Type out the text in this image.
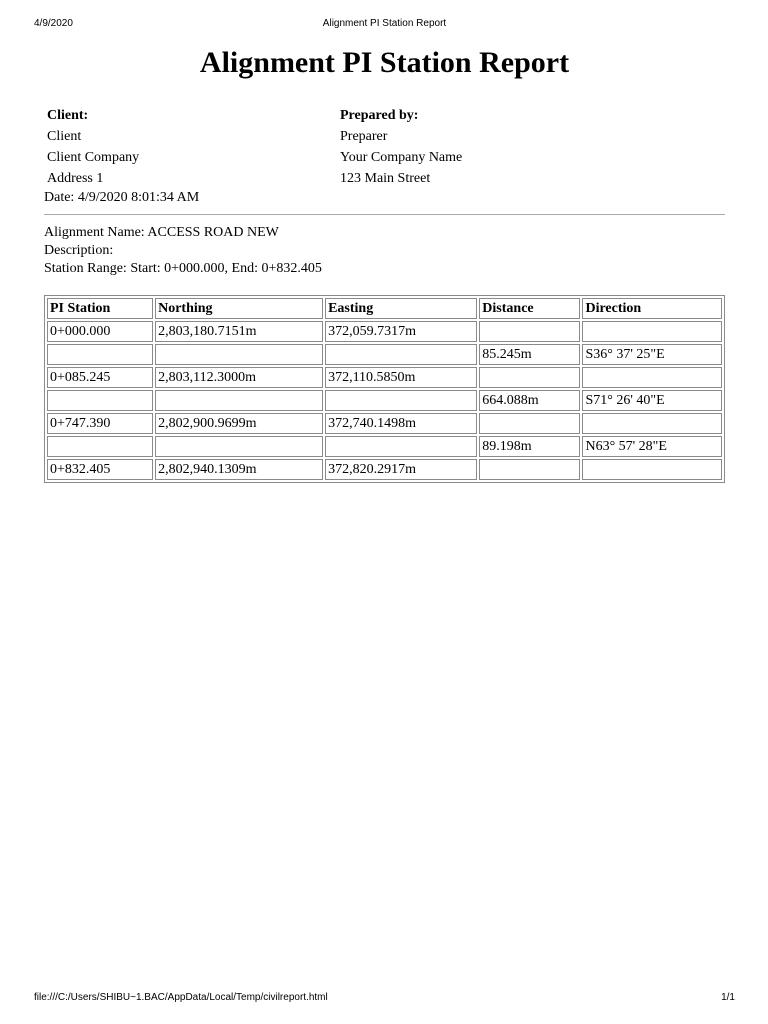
4/9/2020	Alignment PI Station Report
Alignment PI Station Report
Client:	Prepared by:
Client	Preparer
Client Company	Your Company Name
Address 1	123 Main Street
Date: 4/9/2020 8:01:34 AM
Alignment Name: ACCESS ROAD NEW
Description:
Station Range: Start: 0+000.000, End: 0+832.405
PI Station	Northing	Easting	Distance	Direction
0+000.000	2,803,180.7151m	372,059.7317m		
			85.245m	S36° 37' 25"E
0+085.245	2,803,112.3000m	372,110.5850m		
			664.088m	S71° 26' 40"E
0+747.390	2,802,900.9699m	372,740.1498m		
			89.198m	N63° 57' 28"E
0+832.405	2,802,940.1309m	372,820.2917m		
file:///C:/Users/SHIBU~1.BAC/AppData/Local/Temp/civilreport.html	1/1
